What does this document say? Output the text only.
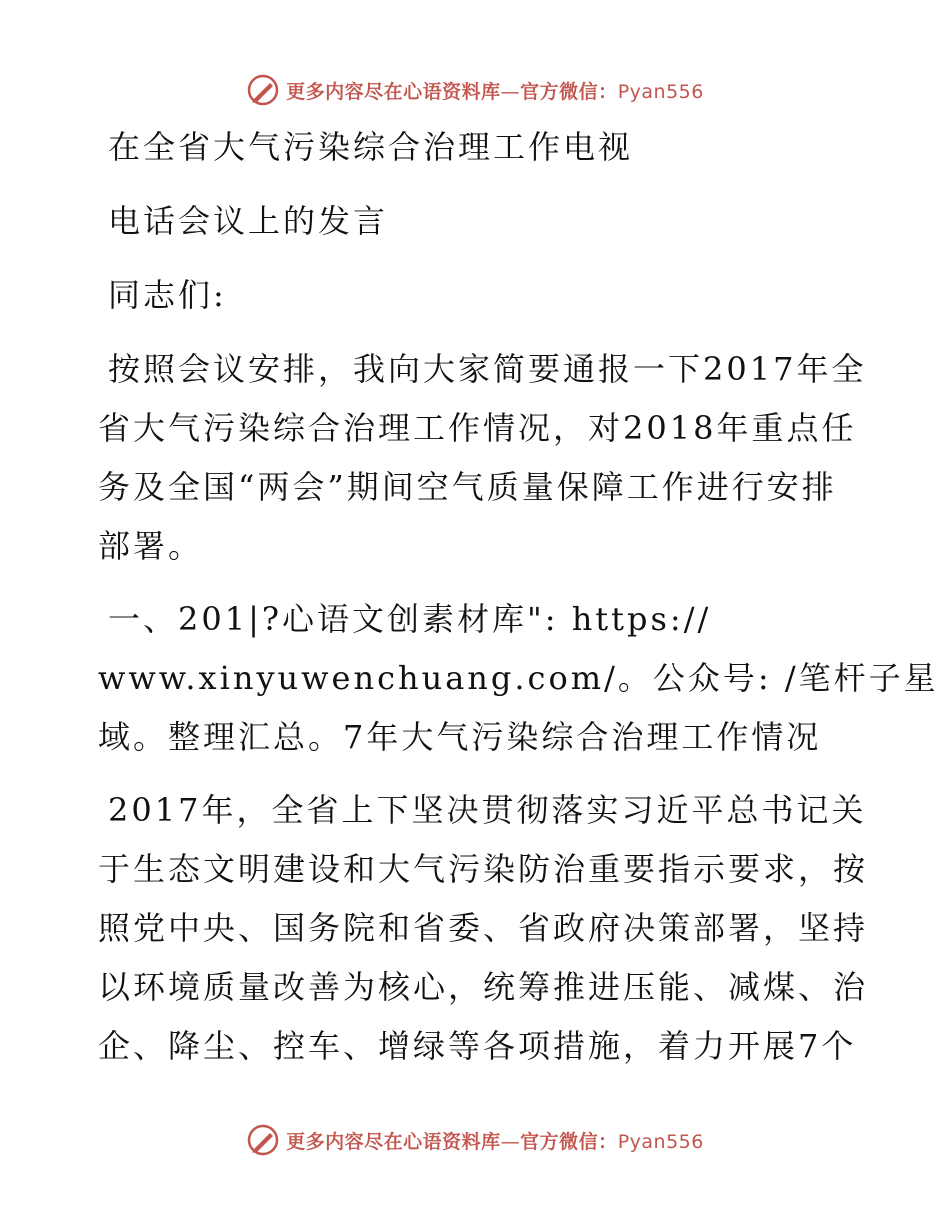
更多内容尽在心语资料库—官方微信：Pyan556
在全省大气污染综合治理工作电视
电话会议上的发言
同志们:
按照会议安排，我向大家简要通报一下2017年全
省大气污染综合治理工作情况，对2018年重点任
务及全国“两会”期间空气质量保障工作进行安排
部署。
一、201|?心语文创素材库": https://
www.xinyuwenchuang.com/。公众号: /笔杆子星
域。整理汇总。7年大气污染综合治理工作情况
2017年，全省上下坚决贯彻落实习近平总书记关
于生态文明建设和大气污染防治重要指示要求，按
照党中央、国务院和省委、省政府决策部署，坚持
以环境质量改善为核心，统筹推进压能、减煤、治
企、降尘、控车、增绿等各项措施，着力开展7个
更多内容尽在心语资料库—官方微信：Pyan556
